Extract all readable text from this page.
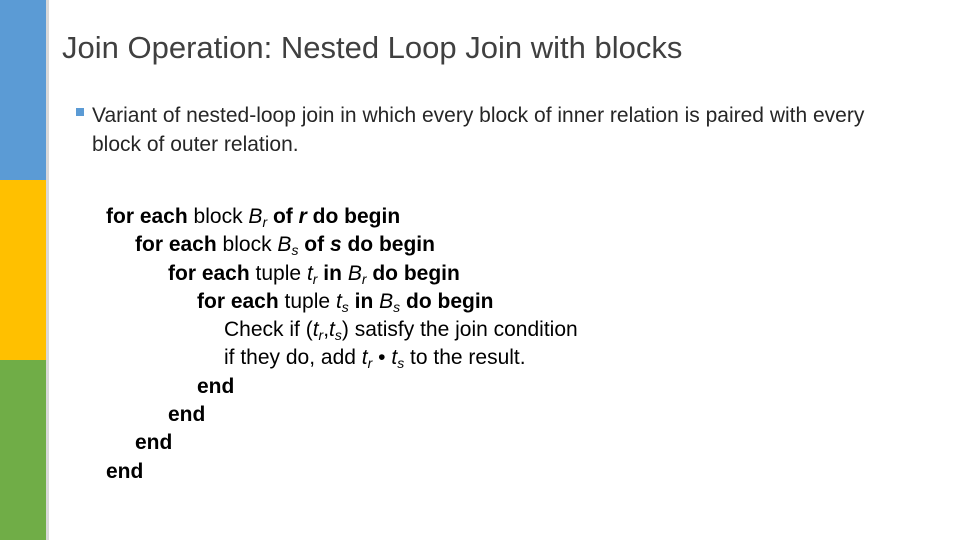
Join Operation: Nested Loop Join with blocks
Variant of nested-loop join in which every block of inner relation is paired with every block of outer relation.
for each block $B_r$ of r do begin
for each block $B_s$ of s do begin
for each tuple $t_r$ in $B_r$ do begin
for each tuple $t_s$ in $B_s$ do begin
Check if $(t_r,t_s)$ satisfy the join condition
if they do, add $t_r$ • $t_s$ to the result.
end
end
end
end
